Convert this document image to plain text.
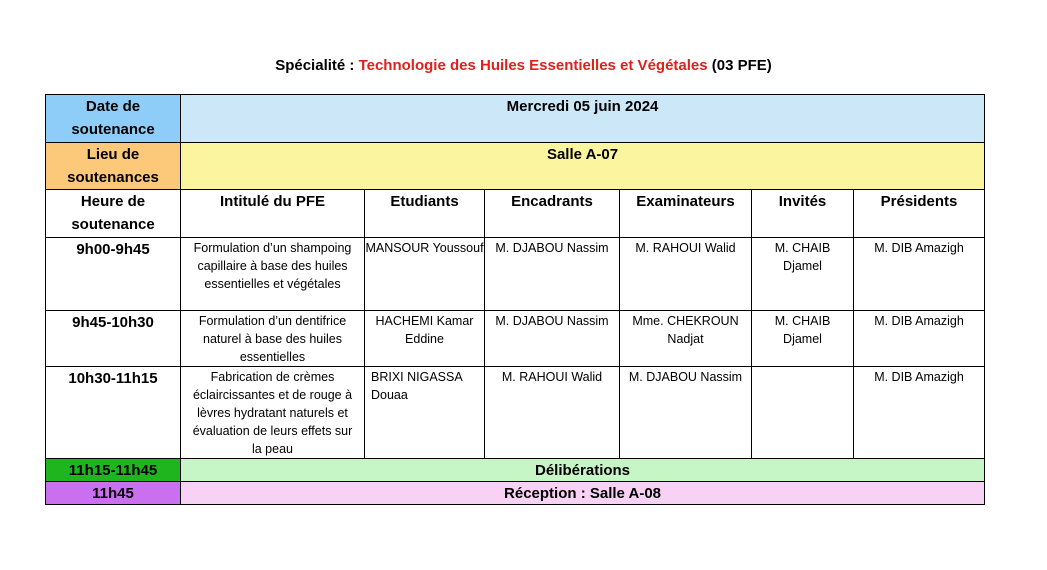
Spécialité : Technologie des Huiles Essentielles et Végétales (03 PFE)
Date de soutenance	Mercredi 05 juin 2024					
Lieu de soutenances	Salle A-07					
Heure de soutenance	Intitulé du PFE	Etudiants	Encadrants	Examinateurs	Invités	Présidents
9h00-9h45	Formulation d’un shampoing capillaire à base des huiles essentielles et végétales	MANSOUR Youssouf	M. DJABOU Nassim	M. RAHOUI Walid	M. CHAIB Djamel	M. DIB Amazigh
9h45-10h30	Formulation d’un dentifrice naturel à base des huiles essentielles	HACHEMI Kamar Eddine	M. DJABOU Nassim	Mme. CHEKROUN Nadjat	M. CHAIB Djamel	M. DIB Amazigh
10h30-11h15	Fabrication de crèmes éclaircissantes et de rouge à lèvres hydratant naturels et évaluation de leurs effets sur la peau	BRIXI NIGASSA Douaa	M. RAHOUI Walid	M. DJABOU Nassim		M. DIB Amazigh
11h15-11h45	Délibérations					
11h45	Réception : Salle A-08					
